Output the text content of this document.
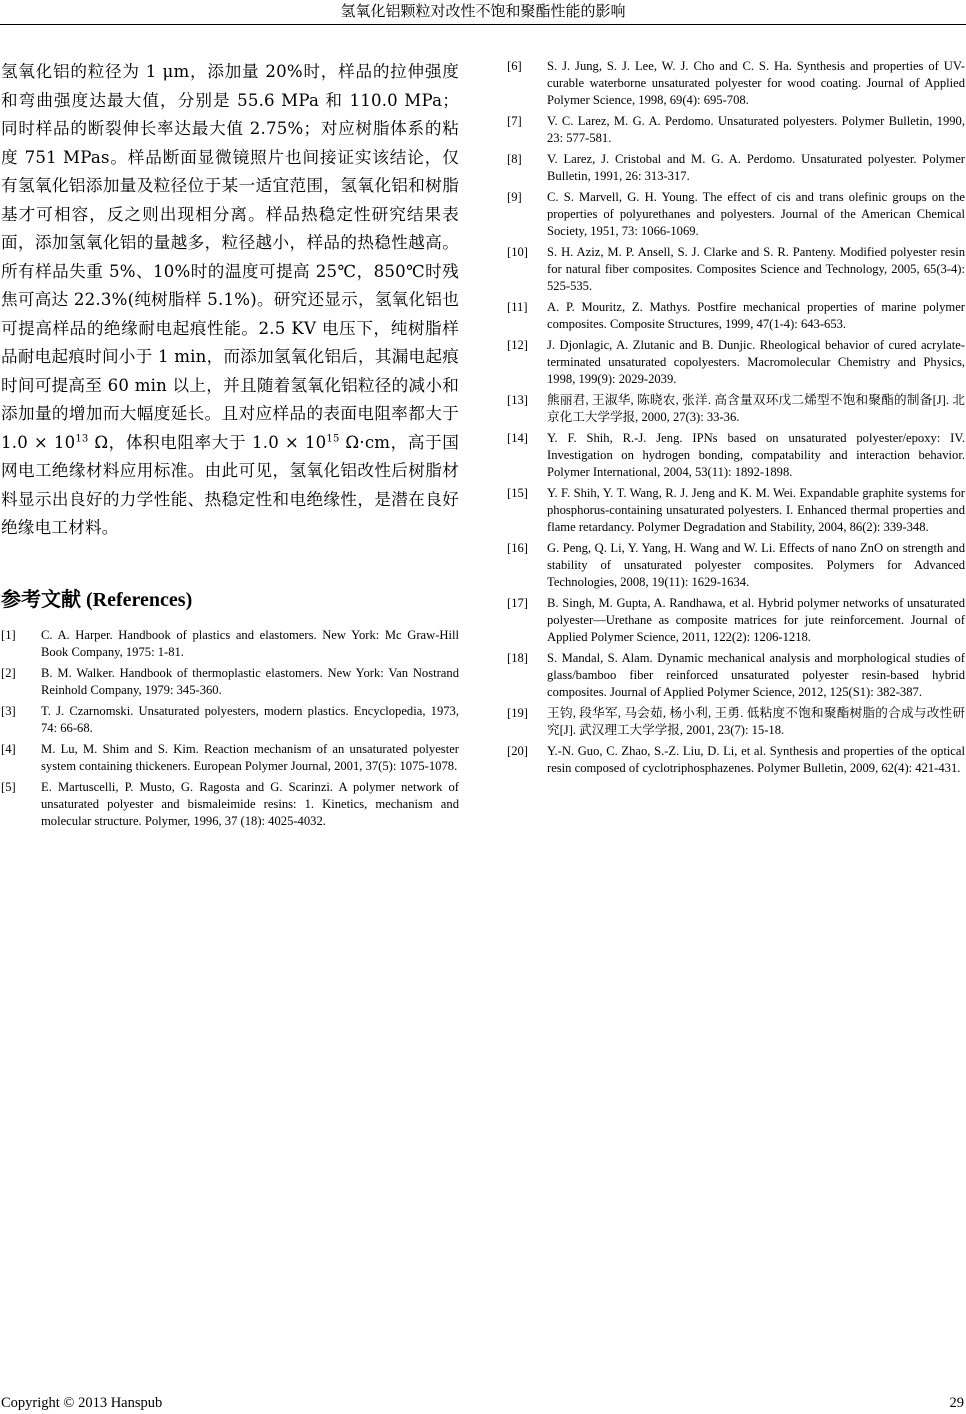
氢氧化铝颗粒对改性不饱和聚酯性能的影响

氢氧化铝的粒径为 1 μm，添加量 20%时，样品的拉伸强度和弯曲强度达最大值，分别是 55.6 MPa 和 110.0 MPa；同时样品的断裂伸长率达最大值 2.75%；对应树脂体系的粘度 751 MPas。样品断面显微镜照片也间接证实该结论，仅有氢氧化铝添加量及粒径位于某一适宜范围，氢氧化铝和树脂基才可相容，反之则出现相分离。样品热稳定性研究结果表面，添加氢氧化铝的量越多，粒径越小，样品的热稳性越高。所有样品失重 5%、10%时的温度可提高 25℃，850℃时残焦可高达 22.3%(纯树脂样 5.1%)。研究还显示，氢氧化铝也可提高样品的绝缘耐电起痕性能。2.5 KV 电压下，纯树脂样品耐电起痕时间小于 1 min，而添加氢氧化铝后，其漏电起痕时间可提高至 60 min 以上，并且随着氢氧化铝粒径的减小和添加量的增加而大幅度延长。且对应样品的表面电阻率都大于 $1.0 \times 10^{13}$ Ω，体积电阻率大于 $1.0 \times 10^{15}$ Ω·cm，高于国网电工绝缘材料应用标准。由此可见，氢氧化铝改性后树脂材料显示出良好的力学性能、热稳定性和电绝缘性，是潜在良好绝缘电工材料。

参考文献 (References)
[1]	C. A. Harper. Handbook of plastics and elastomers. New York: Mc Graw-Hill Book Company, 1975: 1-81.
[2]	B. M. Walker. Handbook of thermoplastic elastomers. New York: Van Nostrand Reinhold Company, 1979: 345-360.
[3]	T. J. Czarnomski. Unsaturated polyesters, modern plastics. Encyclopedia, 1973, 74: 66-68.
[4]	M. Lu, M. Shim and S. Kim. Reaction mechanism of an unsaturated polyester system containing thickeners. European Polymer Journal, 2001, 37(5): 1075-1078.
[5]	E. Martuscelli, P. Musto, G. Ragosta and G. Scarinzi. A polymer network of unsaturated polyester and bismaleimide resins: 1. Kinetics, mechanism and molecular structure. Polymer, 1996, 37 (18): 4025-4032.
[6]	S. J. Jung, S. J. Lee, W. J. Cho and C. S. Ha. Synthesis and properties of UV-curable waterborne unsaturated polyester for wood coating. Journal of Applied Polymer Science, 1998, 69(4): 695-708.
[7]	V. C. Larez, M. G. A. Perdomo. Unsaturated polyesters. Polymer Bulletin, 1990, 23: 577-581.
[8]	V. Larez, J. Cristobal and M. G. A. Perdomo. Unsaturated polyester. Polymer Bulletin, 1991, 26: 313-317.
[9]	C. S. Marvell, G. H. Young. The effect of cis and trans olefinic groups on the properties of polyurethanes and polyesters. Journal of the American Chemical Society, 1951, 73: 1066-1069.
[10]	S. H. Aziz, M. P. Ansell, S. J. Clarke and S. R. Panteny. Modified polyester resin for natural fiber composites. Composites Science and Technology, 2005, 65(3-4): 525-535.
[11]	A. P. Mouritz, Z. Mathys. Postfire mechanical properties of marine polymer composites. Composite Structures, 1999, 47(1-4): 643-653.
[12]	J. Djonlagic, A. Zlutanic and B. Dunjic. Rheological behavior of cured acrylate-terminated unsaturated copolyesters. Macromolecular Chemistry and Physics, 1998, 199(9): 2029-2039.
[13]	熊丽君, 王淑华, 陈晓农, 张洋. 高含量双环戊二烯型不饱和聚酯的制备[J]. 北京化工大学学报, 2000, 27(3): 33-36.
[14]	Y. F. Shih, R.-J. Jeng. IPNs based on unsaturated polyester/epoxy: IV. Investigation on hydrogen bonding, compatability and interaction behavior. Polymer International, 2004, 53(11): 1892-1898.
[15]	Y. F. Shih, Y. T. Wang, R. J. Jeng and K. M. Wei. Expandable graphite systems for phosphorus-containing unsaturated polyesters. I. Enhanced thermal properties and flame retardancy. Polymer Degradation and Stability, 2004, 86(2): 339-348.
[16]	G. Peng, Q. Li, Y. Yang, H. Wang and W. Li. Effects of nano ZnO on strength and stability of unsaturated polyester composites. Polymers for Advanced Technologies, 2008, 19(11): 1629-1634.
[17]	B. Singh, M. Gupta, A. Randhawa, et al. Hybrid polymer networks of unsaturated polyester—Urethane as composite matrices for jute reinforcement. Journal of Applied Polymer Science, 2011, 122(2): 1206-1218.
[18]	S. Mandal, S. Alam. Dynamic mechanical analysis and morphological studies of glass/bamboo fiber reinforced unsaturated polyester resin-based hybrid composites. Journal of Applied Polymer Science, 2012, 125(S1): 382-387.
[19]	王钧, 段华军, 马会茹, 杨小利, 王勇. 低粘度不饱和聚酯树脂的合成与改性研究[J]. 武汉理工大学学报, 2001, 23(7): 15-18.
[20]	Y.-N. Guo, C. Zhao, S.-Z. Liu, D. Li, et al. Synthesis and properties of the optical resin composed of cyclotriphosphazenes. Polymer Bulletin, 2009, 62(4): 421-431.
Copyright © 2013 Hanspub	29
